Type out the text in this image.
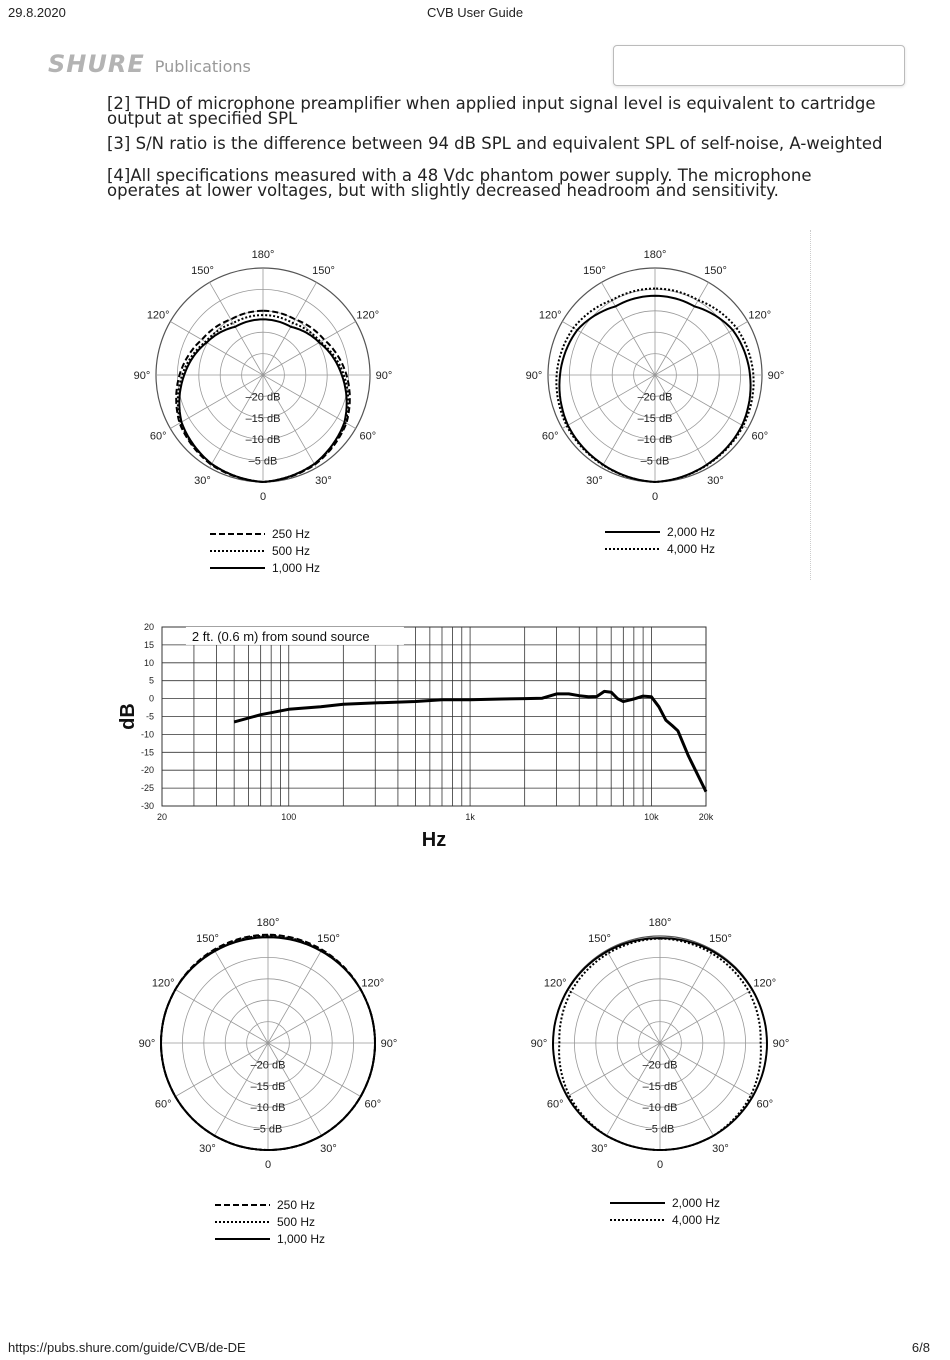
29.8.2020	CVB User Guide
SHURE Publications
[2] THD of microphone preamplifier when applied input signal level is equivalent to cartridge output at specified SPL
[3] S/N ratio is the difference between 94 dB SPL and equivalent SPL of self-noise, A-weighted
[4]All specifications measured with a 48 Vdc phantom power supply. The microphone operates at lower voltages, but with slightly decreased headroom and sensitivity.
180°
150°	150°
120°	120°
90°	90°
60°	60°
30°	30°
0
–20 dB
–15 dB
–10 dB
–5 dB
180°
150°	150°
120°	120°
90°	90°
60°	60°
30°	30°
0
–20 dB
–15 dB
–10 dB
–5 dB
2 ft. (0.6 m) from sound source
20
15
10
5
0
-5
-10
-15
-20
-25
-30
20	100	1k	10k	20k
dB
Hz
180°
150°	150°
120°	120°
90°	90°
60°	60°
30°	30°
0
–20 dB
–15 dB
–10 dB
–5 dB
180°
150°	150°
120°	120°
90°	90°
60°	60°
30°	30°
0
–20 dB
–15 dB
–10 dB
–5 dB
250 Hz
500 Hz
1,000 Hz
2,000 Hz
4,000 Hz
250 Hz
500 Hz
1,000 Hz
2,000 Hz
4,000 Hz
https://pubs.shure.com/guide/CVB/de-DE	6/8
